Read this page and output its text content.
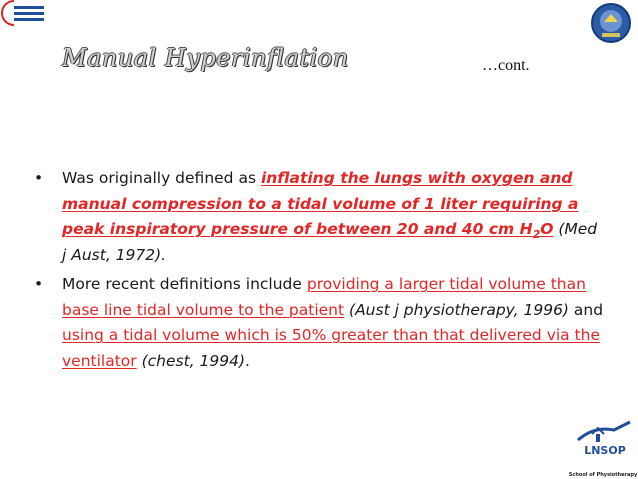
Manual Hyperinflation	…cont.
• Was originally defined as inflating the lungs with oxygen and manual compression to a tidal volume of 1 liter requiring a peak inspiratory pressure of between 20 and 40 cm $H_2O$ (Med j Aust, 1972).
• More recent definitions include providing a larger tidal volume than base line tidal volume to the patient (Aust j physiotherapy, 1996) and using a tidal volume which is 50% greater than that delivered via the ventilator (chest, 1994).
LNSOP
School of Physiotherapy
